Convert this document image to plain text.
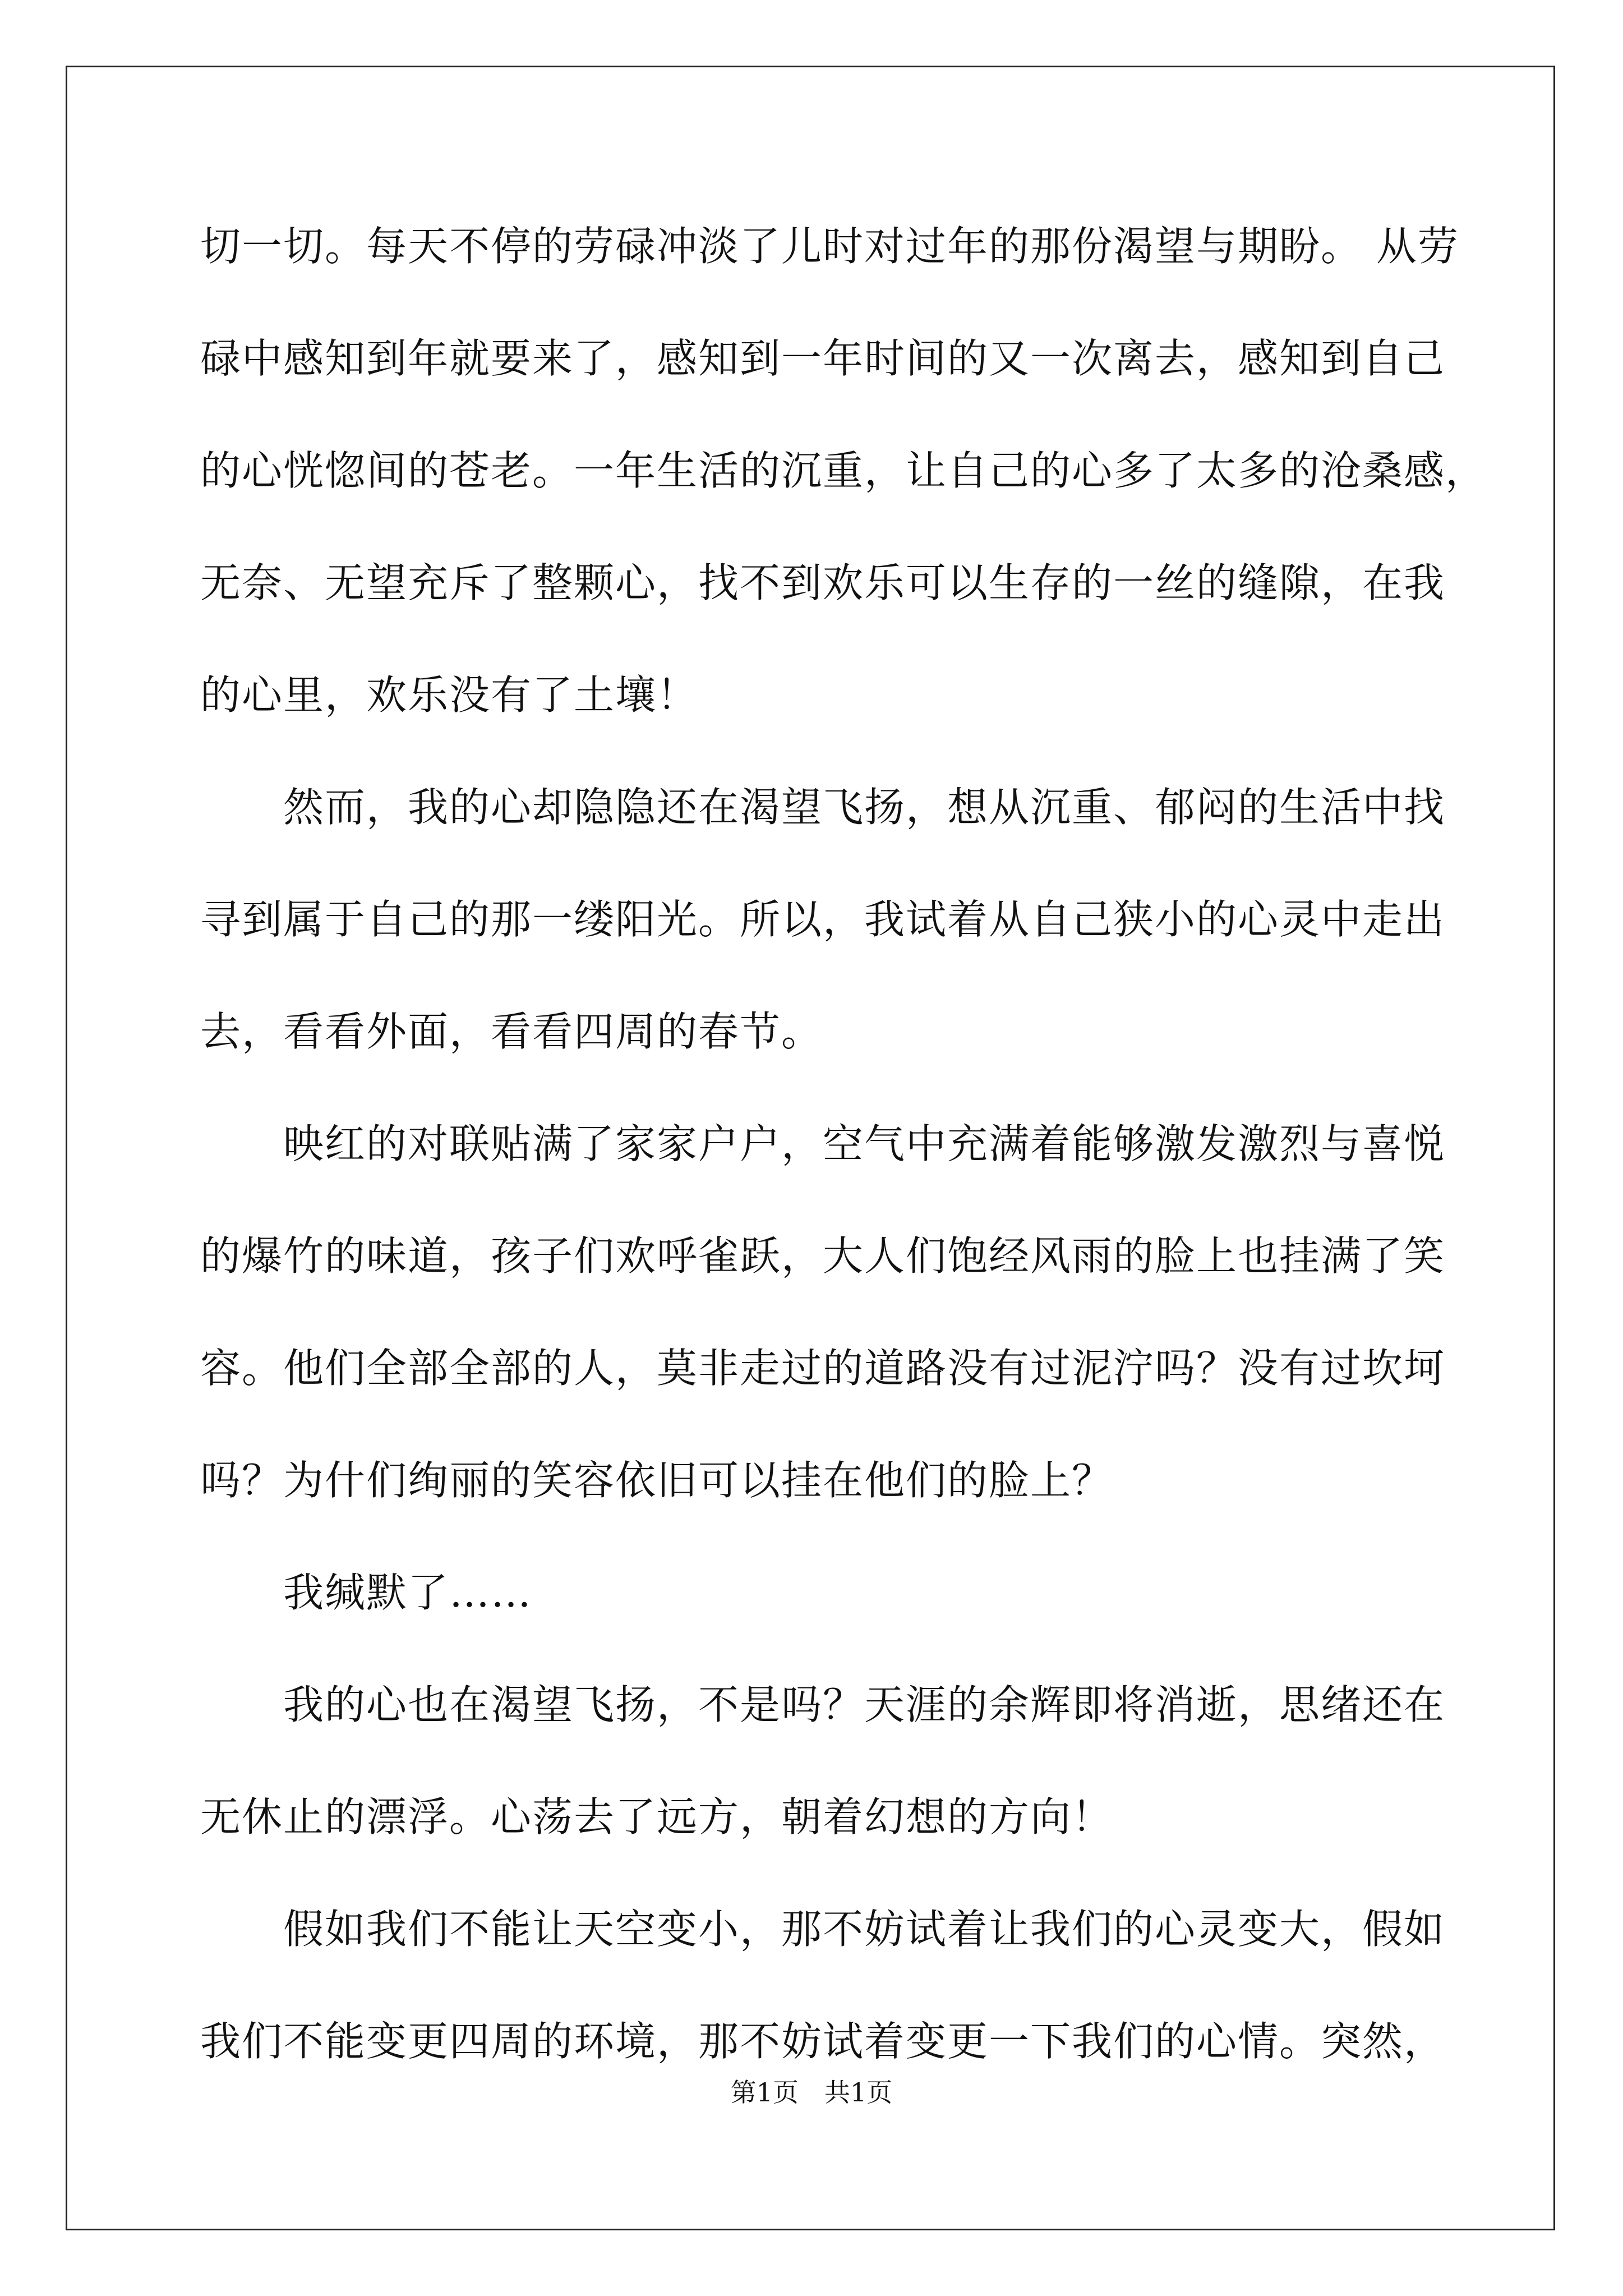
切一切。每天不停的劳碌冲淡了儿时对过年的那份渴望与期盼。 从劳
碌中感知到年就要来了，感知到一年时间的又一次离去，感知到自己
的心恍惚间的苍老。一年生活的沉重，让自己的心多了太多的沧桑感，
无奈、无望充斥了整颗心，找不到欢乐可以生存的一丝的缝隙，在我
的心里，欢乐没有了土壤！
然而，我的心却隐隐还在渴望飞扬，想从沉重、郁闷的生活中找
寻到属于自己的那一缕阳光。所以，我试着从自己狭小的心灵中走出
去，看看外面，看看四周的春节。
映红的对联贴满了家家户户，空气中充满着能够激发激烈与喜悦
的爆竹的味道，孩子们欢呼雀跃，大人们饱经风雨的脸上也挂满了笑
容。他们全部全部的人，莫非走过的道路没有过泥泞吗？没有过坎坷
吗？为什们绚丽的笑容依旧可以挂在他们的脸上？
我缄默了……
我的心也在渴望飞扬，不是吗？天涯的余辉即将消逝，思绪还在
无休止的漂浮。心荡去了远方，朝着幻想的方向！
假如我们不能让天空变小，那不妨试着让我们的心灵变大，假如
我们不能变更四周的环境，那不妨试着变更一下我们的心情。突然，
第1页　共1页
